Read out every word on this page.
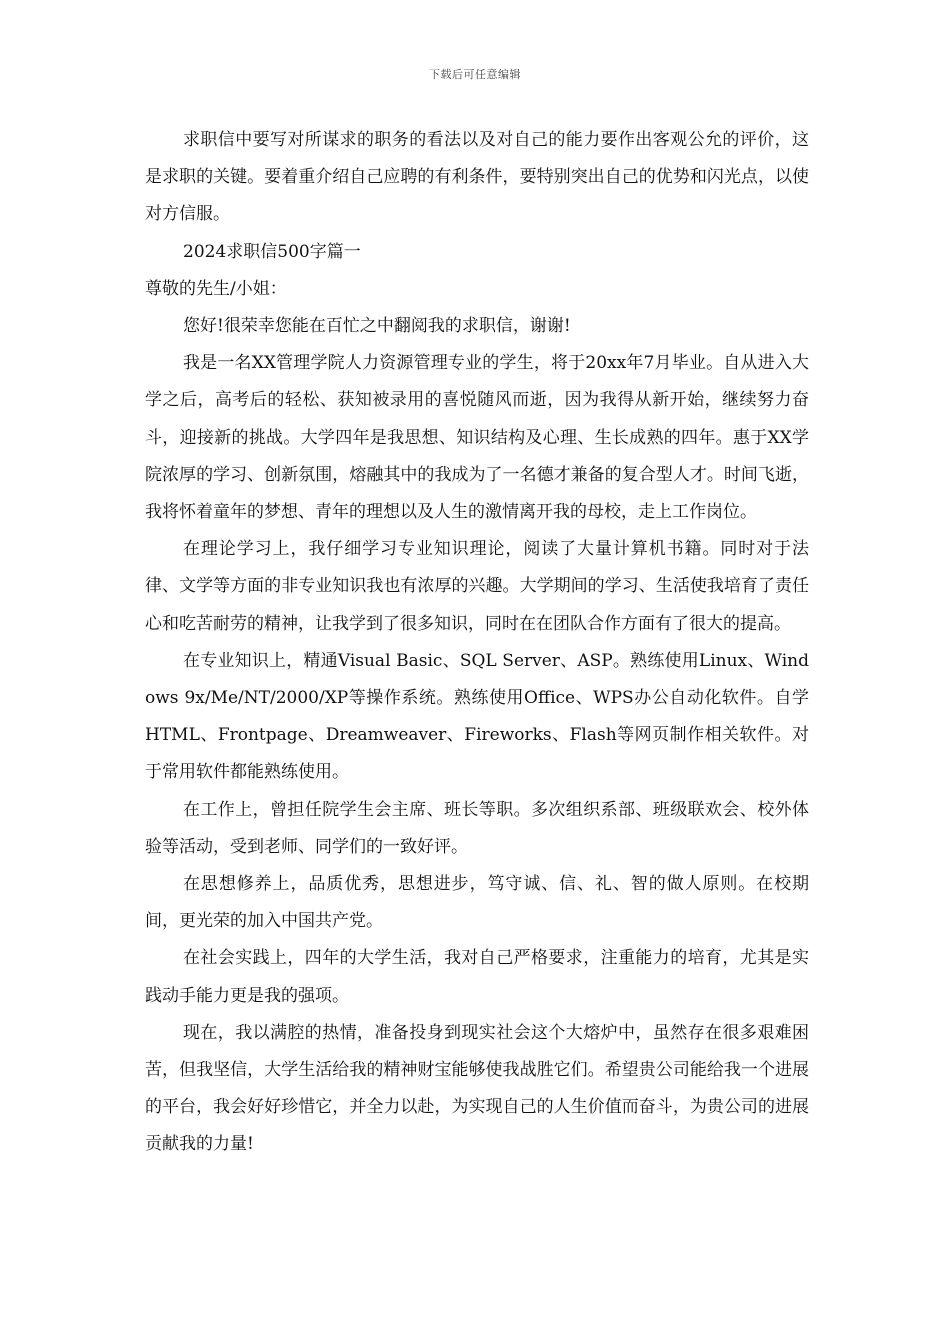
下载后可任意编辑

求职信中要写对所谋求的职务的看法以及对自己的能力要作出客观公允的评价，这是求职的关键。要着重介绍自己应聘的有利条件，要特别突出自己的优势和闪光点，以使对方信服。

2024求职信500字篇一

尊敬的先生/小姐：

您好!很荣幸您能在百忙之中翻阅我的求职信，谢谢!

我是一名XX管理学院人力资源管理专业的学生，将于20xx年7月毕业。自从进入大学之后，高考后的轻松、获知被录用的喜悦随风而逝，因为我得从新开始，继续努力奋斗，迎接新的挑战。大学四年是我思想、知识结构及心理、生长成熟的四年。惠于XX学院浓厚的学习、创新氛围，熔融其中的我成为了一名德才兼备的复合型人才。时间飞逝，我将怀着童年的梦想、青年的理想以及人生的激情离开我的母校，走上工作岗位。

在理论学习上，我仔细学习专业知识理论，阅读了大量计算机书籍。同时对于法律、文学等方面的非专业知识我也有浓厚的兴趣。大学期间的学习、生活使我培育了责任心和吃苦耐劳的精神，让我学到了很多知识，同时在在团队合作方面有了很大的提高。

在专业知识上，精通Visual Basic、SQL Server、ASP。熟练使用Linux、Windows 9x/Me/NT/2000/XP等操作系统。熟练使用Office、WPS办公自动化软件。自学HTML、Frontpage、Dreamweaver、Fireworks、Flash等网页制作相关软件。对于常用软件都能熟练使用。

在工作上，曾担任院学生会主席、班长等职。多次组织系部、班级联欢会、校外体验等活动，受到老师、同学们的一致好评。

在思想修养上，品质优秀，思想进步，笃守诚、信、礼、智的做人原则。在校期间，更光荣的加入中国共产党。

在社会实践上，四年的大学生活，我对自己严格要求，注重能力的培育，尤其是实践动手能力更是我的强项。

现在，我以满腔的热情，准备投身到现实社会这个大熔炉中，虽然存在很多艰难困苦，但我坚信，大学生活给我的精神财宝能够使我战胜它们。希望贵公司能给我一个进展的平台，我会好好珍惜它，并全力以赴，为实现自己的人生价值而奋斗，为贵公司的进展贡献我的力量!
